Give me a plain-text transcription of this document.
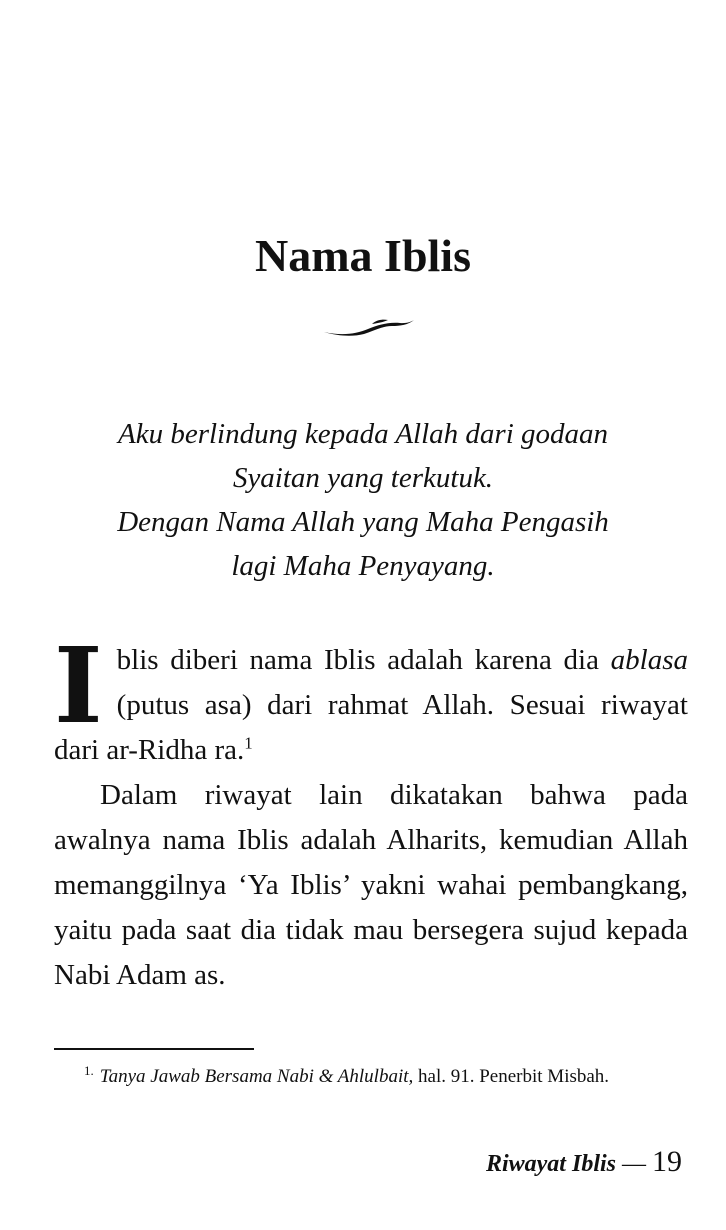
Nama Iblis
Aku berlindung kepada Allah dari godaan
Syaitan yang terkutuk.
Dengan Nama Allah yang Maha Pengasih
lagi Maha Penyayang.

I blis diberi nama Iblis adalah karena dia ablasa (putus asa) dari rahmat Allah. Sesuai riwayat dari ar-Ridha ra.$^1$

Dalam riwayat lain dikatakan bahwa pada awalnya nama Iblis adalah Alharits, kemudian Allah memanggilnya ‘Ya Iblis’ yakni wahai pembangkang, yaitu pada saat dia tidak mau bersegera sujud kepada Nabi Adam as.

$^{1.}$ Tanya Jawab Bersama Nabi & Ahlulbait, hal. 91. Penerbit Misbah.
Riwayat Iblis — 19
